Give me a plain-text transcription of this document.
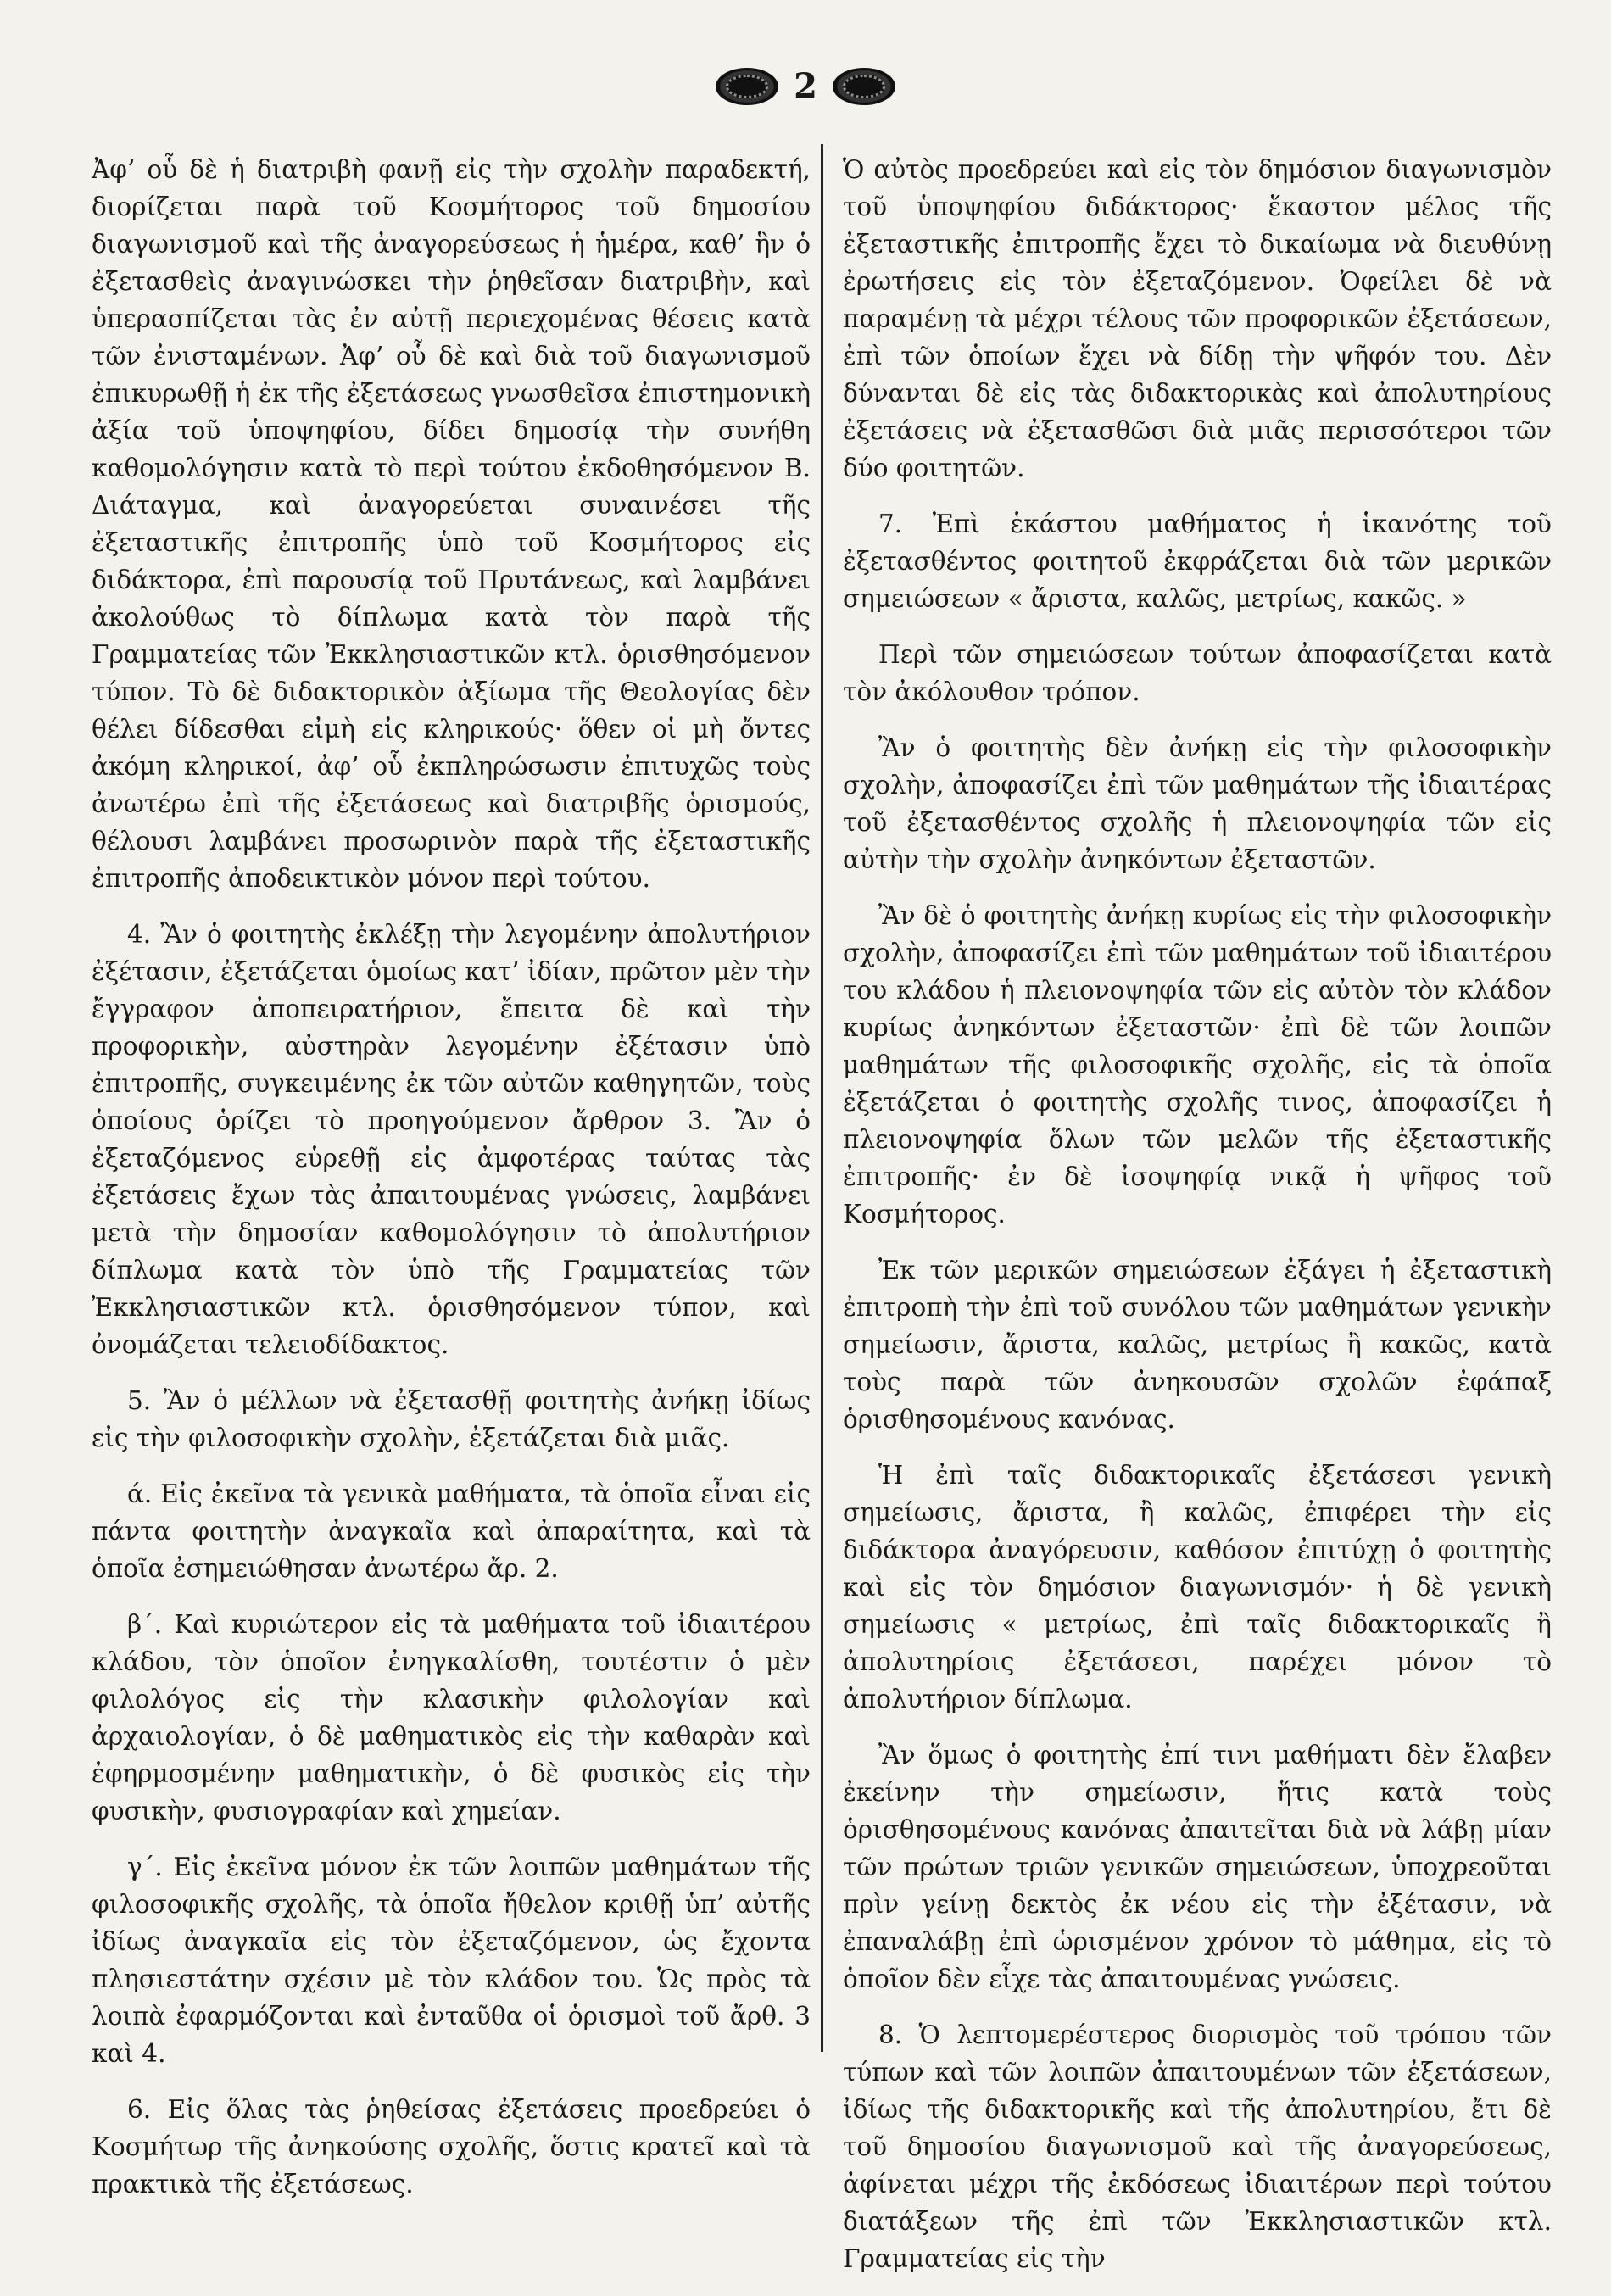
2

Ἀφ’ οὗ δὲ ἡ διατριβὴ φανῇ εἰς τὴν σχολὴν παραδεκτή, διορίζεται παρὰ τοῦ Κοσμήτορος τοῦ δημοσίου διαγωνισμοῦ καὶ τῆς ἀναγορεύσεως ἡ ἡμέρα, καθ’ ἣν ὁ ἐξετασθεὶς ἀναγινώσκει τὴν ῥηθεῖσαν διατριβὴν, καὶ ὑπερασπίζεται τὰς ἐν αὐτῇ περιεχομένας θέσεις κατὰ τῶν ἐνισταμένων. Ἀφ’ οὗ δὲ καὶ διὰ τοῦ διαγωνισμοῦ ἐπικυρωθῇ ἡ ἐκ τῆς ἐξετάσεως γνωσθεῖσα ἐπιστημονικὴ ἀξία τοῦ ὑποψηφίου, δίδει δημοσίᾳ τὴν συνήθη καθομολόγησιν κατὰ τὸ περὶ τούτου ἐκδοθησόμενον Β. Διάταγμα, καὶ ἀναγορεύεται συναινέσει τῆς ἐξεταστικῆς ἐπιτροπῆς ὑπὸ τοῦ Κοσμήτορος εἰς διδάκτορα, ἐπὶ παρουσίᾳ τοῦ Πρυτάνεως, καὶ λαμβάνει ἀκολούθως τὸ δίπλωμα κατὰ τὸν παρὰ τῆς Γραμματείας τῶν Ἐκκλησιαστικῶν κτλ. ὁρισθησόμενον τύπον. Τὸ δὲ διδακτορικὸν ἀξίωμα τῆς Θεολογίας δὲν θέλει δίδεσθαι εἰμὴ εἰς κληρικούς· ὅθεν οἱ μὴ ὄντες ἀκόμη κληρικοί, ἀφ’ οὗ ἐκπληρώσωσιν ἐπιτυχῶς τοὺς ἀνωτέρω ἐπὶ τῆς ἐξετάσεως καὶ διατριβῆς ὁρισμούς, θέλουσι λαμβάνει προσωρινὸν παρὰ τῆς ἐξεταστικῆς ἐπιτροπῆς ἀποδεικτικὸν μόνον περὶ τούτου.

4. Ἂν ὁ φοιτητὴς ἐκλέξῃ τὴν λεγομένην ἀπολυτήριον ἐξέτασιν, ἐξετάζεται ὁμοίως κατ’ ἰδίαν, πρῶτον μὲν τὴν ἔγγραφον ἀποπειρατήριον, ἔπειτα δὲ καὶ τὴν προφορικὴν, αὐστηρὰν λεγομένην ἐξέτασιν ὑπὸ ἐπιτροπῆς, συγκειμένης ἐκ τῶν αὐτῶν καθηγητῶν, τοὺς ὁποίους ὁρίζει τὸ προηγούμενον ἄρθρον 3. Ἂν ὁ ἐξεταζόμενος εὑρεθῇ εἰς ἀμφοτέρας ταύτας τὰς ἐξετάσεις ἔχων τὰς ἀπαιτουμένας γνώσεις, λαμβάνει μετὰ τὴν δημοσίαν καθομολόγησιν τὸ ἀπολυτήριον δίπλωμα κατὰ τὸν ὑπὸ τῆς Γραμματείας τῶν Ἐκκλησιαστικῶν κτλ. ὁρισθησόμενον τύπον, καὶ ὀνομάζεται τελειοδίδακτος.

5. Ἂν ὁ μέλλων νὰ ἐξετασθῇ φοιτητὴς ἀνήκῃ ἰδίως εἰς τὴν φιλοσοφικὴν σχολὴν, ἐξετάζεται διὰ μιᾶς.

ά. Εἰς ἐκεῖνα τὰ γενικὰ μαθήματα, τὰ ὁποῖα εἶναι εἰς πάντα φοιτητὴν ἀναγκαῖα καὶ ἀπαραίτητα, καὶ τὰ ὁποῖα ἐσημειώθησαν ἀνωτέρω ἄρ. 2.

β΄. Καὶ κυριώτερον εἰς τὰ μαθήματα τοῦ ἰδιαιτέρου κλάδου, τὸν ὁποῖον ἐνηγκαλίσθη, τουτέστιν ὁ μὲν φιλολόγος εἰς τὴν κλασικὴν φιλολογίαν καὶ ἀρχαιολογίαν, ὁ δὲ μαθηματικὸς εἰς τὴν καθαρὰν καὶ ἐφηρμοσμένην μαθηματικὴν, ὁ δὲ φυσικὸς εἰς τὴν φυσικὴν, φυσιογραφίαν καὶ χημείαν.

γ΄. Εἰς ἐκεῖνα μόνον ἐκ τῶν λοιπῶν μαθημάτων τῆς φιλοσοφικῆς σχολῆς, τὰ ὁποῖα ἤθελον κριθῇ ὑπ’ αὐτῆς ἰδίως ἀναγκαῖα εἰς τὸν ἐξεταζόμενον, ὡς ἔχοντα πλησιεστάτην σχέσιν μὲ τὸν κλάδον του. Ὡς πρὸς τὰ λοιπὰ ἐφαρμόζονται καὶ ἐνταῦθα οἱ ὁρισμοὶ τοῦ ἄρθ. 3 καὶ 4.

6. Εἰς ὅλας τὰς ῥηθείσας ἐξετάσεις προεδρεύει ὁ Κοσμήτωρ τῆς ἀνηκούσης σχολῆς, ὅστις κρατεῖ καὶ τὰ πρακτικὰ τῆς ἐξετάσεως.

Ὁ αὐτὸς προεδρεύει καὶ εἰς τὸν δημόσιον διαγωνισμὸν τοῦ ὑποψηφίου διδάκτορος· ἕκαστον μέλος τῆς ἐξεταστικῆς ἐπιτροπῆς ἔχει τὸ δικαίωμα νὰ διευθύνῃ ἐρωτήσεις εἰς τὸν ἐξεταζόμενον. Ὀφείλει δὲ νὰ παραμένῃ τὰ μέχρι τέλους τῶν προφορικῶν ἐξετάσεων, ἐπὶ τῶν ὁποίων ἔχει νὰ δίδῃ τὴν ψῆφόν του. Δὲν δύνανται δὲ εἰς τὰς διδακτορικὰς καὶ ἀπολυτηρίους ἐξετάσεις νὰ ἐξετασθῶσι διὰ μιᾶς περισσότεροι τῶν δύο φοιτητῶν.

7. Ἐπὶ ἑκάστου μαθήματος ἡ ἱκανότης τοῦ ἐξετασθέντος φοιτητοῦ ἐκφράζεται διὰ τῶν μερικῶν σημειώσεων « ἄριστα, καλῶς, μετρίως, κακῶς. »

Περὶ τῶν σημειώσεων τούτων ἀποφασίζεται κατὰ τὸν ἀκόλουθον τρόπον.

Ἂν ὁ φοιτητὴς δὲν ἀνήκῃ εἰς τὴν φιλοσοφικὴν σχολὴν, ἀποφασίζει ἐπὶ τῶν μαθημάτων τῆς ἰδιαιτέρας τοῦ ἐξετασθέντος σχολῆς ἡ πλειονοψηφία τῶν εἰς αὐτὴν τὴν σχολὴν ἀνηκόντων ἐξεταστῶν.

Ἂν δὲ ὁ φοιτητὴς ἀνήκῃ κυρίως εἰς τὴν φιλοσοφικὴν σχολὴν, ἀποφασίζει ἐπὶ τῶν μαθημάτων τοῦ ἰδιαιτέρου του κλάδου ἡ πλειονοψηφία τῶν εἰς αὐτὸν τὸν κλάδον κυρίως ἀνηκόντων ἐξεταστῶν· ἐπὶ δὲ τῶν λοιπῶν μαθημάτων τῆς φιλοσοφικῆς σχολῆς, εἰς τὰ ὁποῖα ἐξετάζεται ὁ φοιτητὴς σχολῆς τινος, ἀποφασίζει ἡ πλειονοψηφία ὅλων τῶν μελῶν τῆς ἐξεταστικῆς ἐπιτροπῆς· ἐν δὲ ἰσοψηφίᾳ νικᾷ ἡ ψῆφος τοῦ Κοσμήτορος.

Ἐκ τῶν μερικῶν σημειώσεων ἐξάγει ἡ ἐξεταστικὴ ἐπιτροπὴ τὴν ἐπὶ τοῦ συνόλου τῶν μαθημάτων γενικὴν σημείωσιν, ἄριστα, καλῶς, μετρίως ἢ κακῶς, κατὰ τοὺς παρὰ τῶν ἀνηκουσῶν σχολῶν ἐφάπαξ ὁρισθησομένους κανόνας.

Ἡ ἐπὶ ταῖς διδακτορικαῖς ἐξετάσεσι γενικὴ σημείωσις, ἄριστα, ἢ καλῶς, ἐπιφέρει τὴν εἰς διδάκτορα ἀναγόρευσιν, καθόσον ἐπιτύχῃ ὁ φοιτητὴς καὶ εἰς τὸν δημόσιον διαγωνισμόν· ἡ δὲ γενικὴ σημείωσις « μετρίως, ἐπὶ ταῖς διδακτορικαῖς ἢ ἀπολυτηρίοις ἐξετάσεσι, παρέχει μόνον τὸ ἀπολυτήριον δίπλωμα.

Ἂν ὅμως ὁ φοιτητὴς ἐπί τινι μαθήματι δὲν ἔλαβεν ἐκείνην τὴν σημείωσιν, ἥτις κατὰ τοὺς ὁρισθησομένους κανόνας ἀπαιτεῖται διὰ νὰ λάβῃ μίαν τῶν πρώτων τριῶν γενικῶν σημειώσεων, ὑποχρεοῦται πρὶν γείνῃ δεκτὸς ἐκ νέου εἰς τὴν ἐξέτασιν, νὰ ἐπαναλάβῃ ἐπὶ ὡρισμένον χρόνον τὸ μάθημα, εἰς τὸ ὁποῖον δὲν εἶχε τὰς ἀπαιτουμένας γνώσεις.

8. Ὁ λεπτομερέστερος διορισμὸς τοῦ τρόπου τῶν τύπων καὶ τῶν λοιπῶν ἀπαιτουμένων τῶν ἐξετάσεων, ἰδίως τῆς διδακτορικῆς καὶ τῆς ἀπολυτηρίου, ἔτι δὲ τοῦ δημοσίου διαγωνισμοῦ καὶ τῆς ἀναγορεύσεως, ἀφίνεται μέχρι τῆς ἐκδόσεως ἰδιαιτέρων περὶ τούτου διατάξεων τῆς ἐπὶ τῶν Ἐκκλησιαστικῶν κτλ. Γραμματείας εἰς τὴν
